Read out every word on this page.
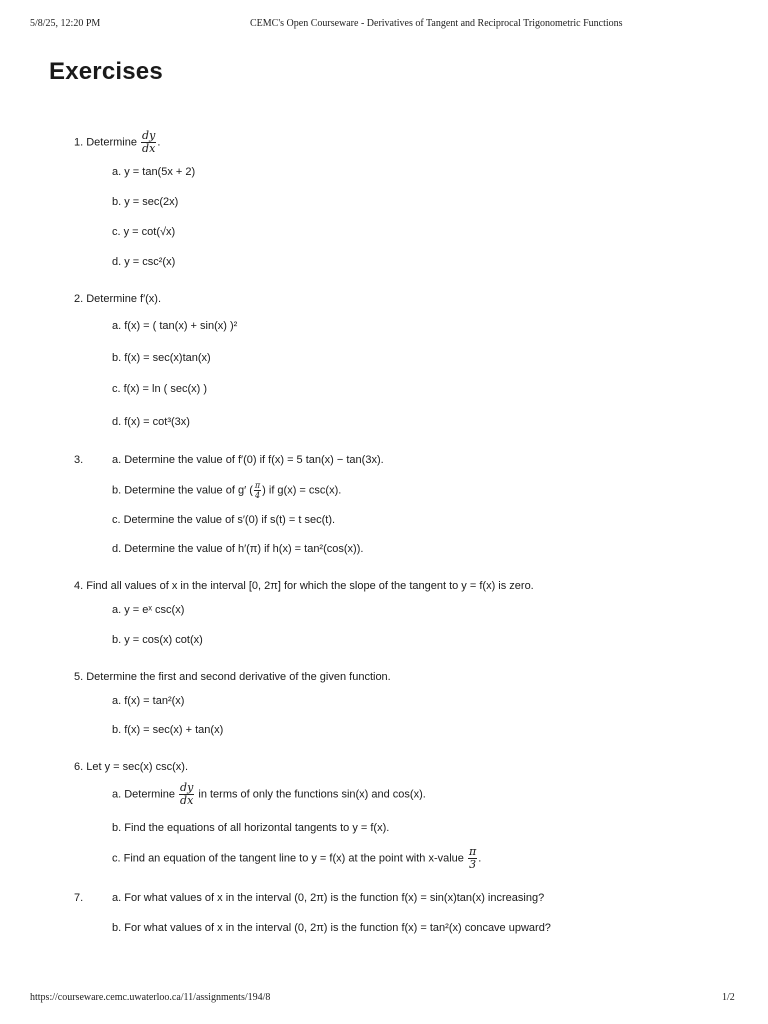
5/8/25, 12:20 PM	CEMC's Open Courseware - Derivatives of Tangent and Reciprocal Trigonometric Functions
Exercises
1. Determine $\frac{dy}{dx}$ .
a. y = tan(5x + 2)
b. y = sec(2x)
c. y = cot(√x)
d. y = csc²(x)
2. Determine f′(x).
a. f(x) = ( tan(x) + sin(x) )²
b. f(x) = sec(x)tan(x)
c. f(x) = ln ( sec(x) )
d. f(x) = cot³(3x)
3.	a. Determine the value of f′(0) if f(x) = 5 tan(x) − tan(3x).
b. Determine the value of g′ ( $\frac{\pi}{4}$ ) if g(x) = csc(x).
c. Determine the value of s′(0) if s(t) = t sec(t).
d. Determine the value of h′(π) if h(x) = tan²(cos(x)).
4. Find all values of x in the interval [0, 2π] for which the slope of the tangent to y = f(x) is zero.
a. y = eˣ csc(x)
b. y = cos(x) cot(x)
5. Determine the first and second derivative of the given function.
a. f(x) = tan²(x)
b. f(x) = sec(x) + tan(x)
6. Let y = sec(x) csc(x).
a. Determine $\frac{dy}{dx}$ in terms of only the functions sin(x) and cos(x).
b. Find the equations of all horizontal tangents to y = f(x).
c. Find an equation of the tangent line to y = f(x) at the point with x-value $\frac{\pi}{3}$ .
7.	a. For what values of x in the interval (0, 2π) is the function f(x) = sin(x)tan(x) increasing?
b. For what values of x in the interval (0, 2π) is the function f(x) = tan²(x) concave upward?
https://courseware.cemc.uwaterloo.ca/11/assignments/194/8	1/2
